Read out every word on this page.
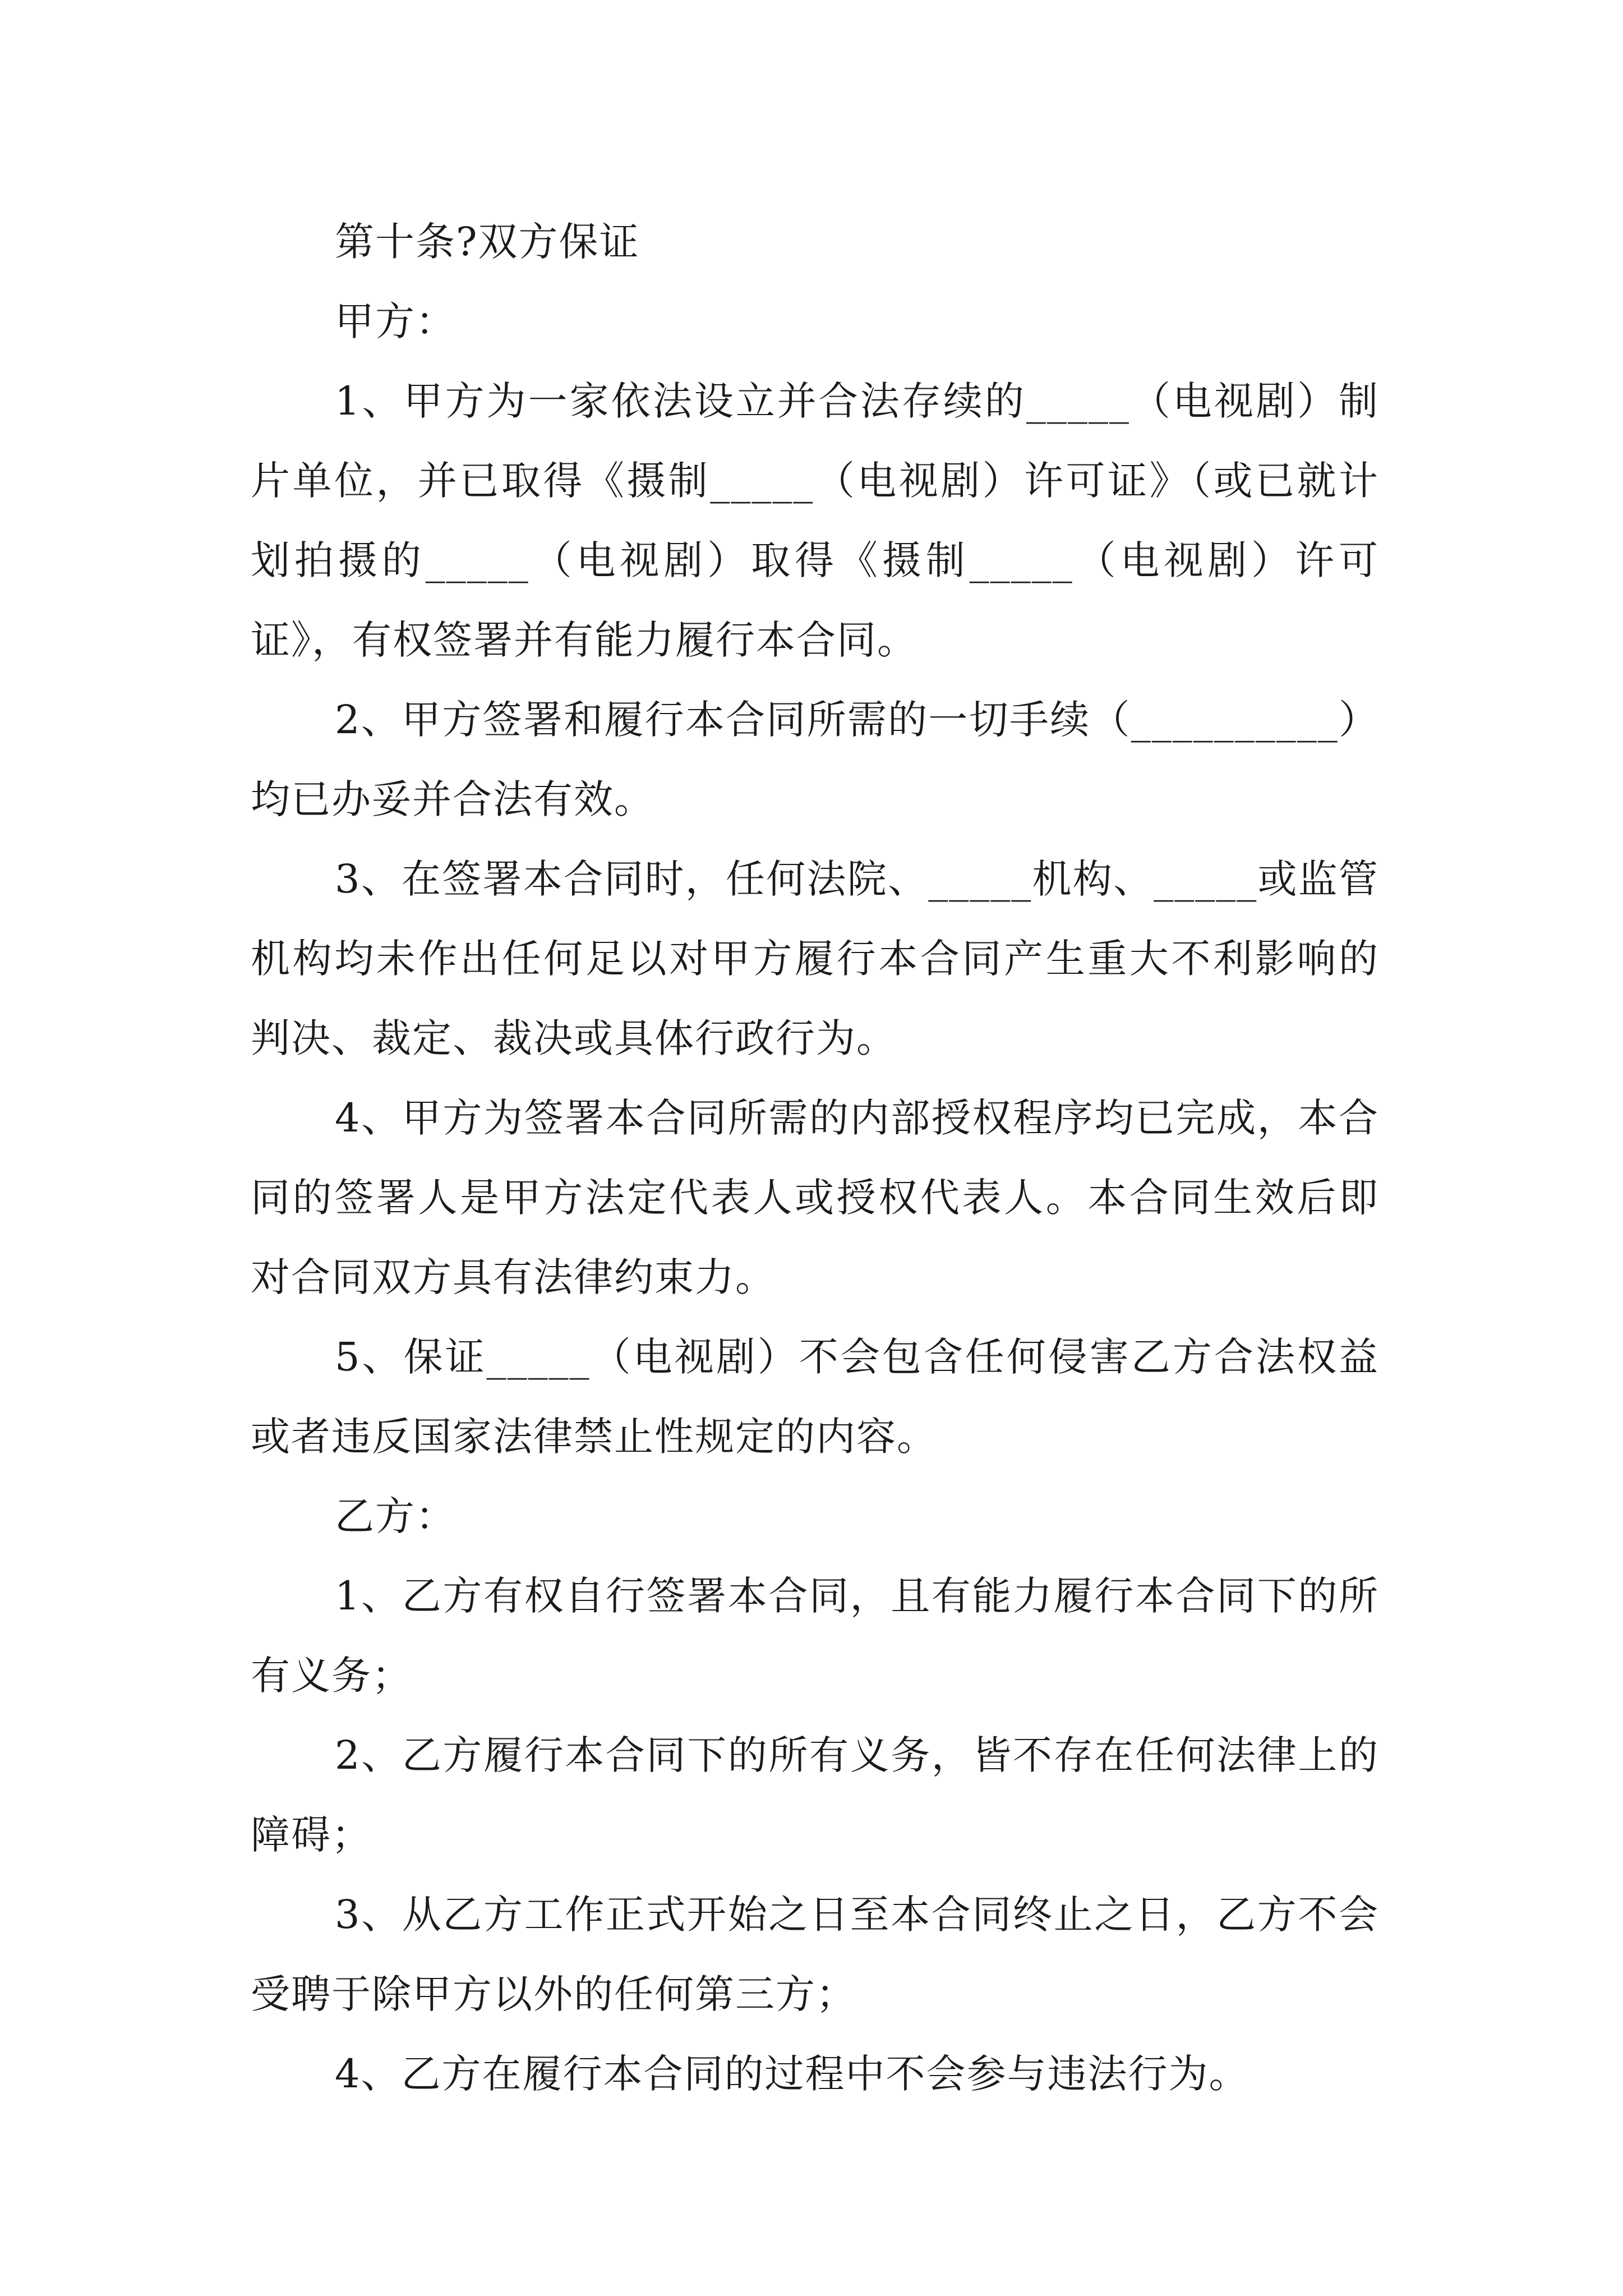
第十条?双方保证

甲方：

1、甲方为一家依法设立并合法存续的_____（电视剧）制片单位，并已取得《摄制_____（电视剧）许可证》（或已就计划拍摄的_____（电视剧）取得《摄制_____（电视剧）许可证》，有权签署并有能力履行本合同。

2、甲方签署和履行本合同所需的一切手续（__________）均已办妥并合法有效。

3、在签署本合同时，任何法院、_____机构、_____或监管机构均未作出任何足以对甲方履行本合同产生重大不利影响的判决、裁定、裁决或具体行政行为。

4、甲方为签署本合同所需的内部授权程序均已完成，本合同的签署人是甲方法定代表人或授权代表人。本合同生效后即对合同双方具有法律约束力。

5、保证_____（电视剧）不会包含任何侵害乙方合法权益或者违反国家法律禁止性规定的内容。

乙方：

1、乙方有权自行签署本合同，且有能力履行本合同下的所有义务；

2、乙方履行本合同下的所有义务，皆不存在任何法律上的障碍；

3、从乙方工作正式开始之日至本合同终止之日，乙方不会受聘于除甲方以外的任何第三方；

4、乙方在履行本合同的过程中不会参与违法行为。
